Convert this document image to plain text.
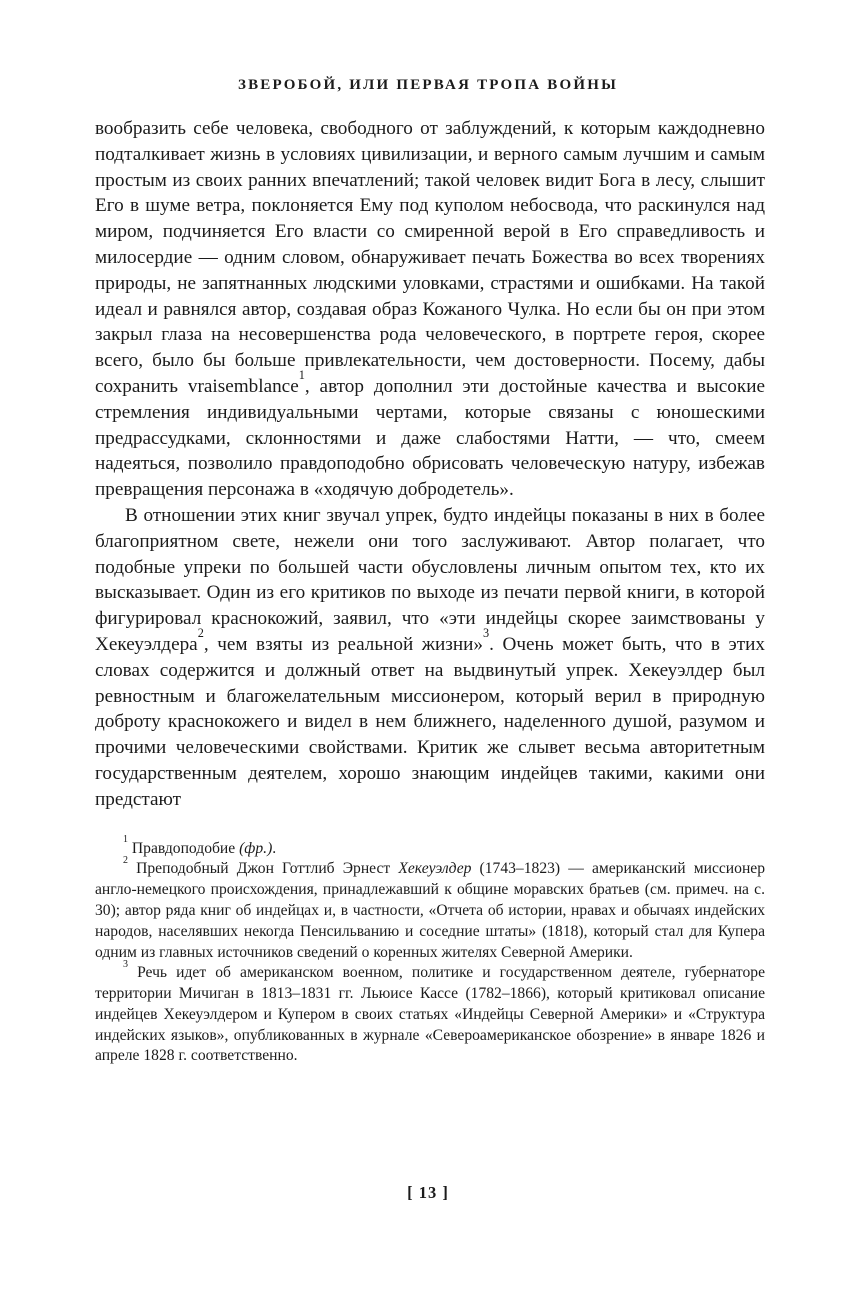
ЗВЕРОБОЙ, ИЛИ ПЕРВАЯ ТРОПА ВОЙНЫ

вообразить себе человека, свободного от заблуждений, к которым каждодневно подталкивает жизнь в условиях цивилизации, и верного самым лучшим и самым простым из своих ранних впечатлений; такой человек видит Бога в лесу, слышит Его в шуме ветра, поклоняется Ему под куполом небосвода, что раскинулся над миром, подчиняется Его власти со смиренной верой в Его справедливость и милосердие — одним словом, обнаруживает печать Божества во всех творениях природы, не запятнанных людскими уловками, страстями и ошибками. На такой идеал и равнялся автор, создавая образ Кожаного Чулка. Но если бы он при этом закрыл глаза на несовершенства рода человеческого, в портрете героя, скорее всего, было бы больше привлекательности, чем достоверности. Посему, дабы сохранить vraisemblance$^1$, автор дополнил эти достойные качества и высокие стремления индивидуальными чертами, которые связаны с юношескими предрассудками, склонностями и даже слабостями Натти, — что, смеем надеяться, позволило правдоподобно обрисовать человеческую натуру, избежав превращения персонажа в «ходячую добродетель».

В отношении этих книг звучал упрек, будто индейцы показаны в них в более благоприятном свете, нежели они того заслуживают. Автор полагает, что подобные упреки по большей части обусловлены личным опытом тех, кто их высказывает. Один из его критиков по выходе из печати первой книги, в которой фигурировал краснокожий, заявил, что «эти индейцы скорее заимствованы у Хекеуэлдера$^2$, чем взяты из реальной жизни»$^3$. Очень может быть, что в этих словах содержится и должный ответ на выдвинутый упрек. Хекеуэлдер был ревностным и благожелательным миссионером, который верил в природную доброту краснокожего и видел в нем ближнего, наделенного душой, разумом и прочими человеческими свойствами. Критик же слывет весьма авторитетным государственным деятелем, хорошо знающим индейцев такими, какими они предстают

$^1$ Правдоподобие (фр.).

$^2$ Преподобный Джон Готтлиб Эрнест Хекеуэлдер (1743–1823) — американский миссионер англо-немецкого происхождения, принадлежавший к общине моравских братьев (см. примеч. на с. 30); автор ряда книг об индейцах и, в частности, «Отчета об истории, нравах и обычаях индейских народов, населявших некогда Пенсильванию и соседние штаты» (1818), который стал для Купера одним из главных источников сведений о коренных жителях Северной Америки.

$^3$ Речь идет об американском военном, политике и государственном деятеле, губернаторе территории Мичиган в 1813–1831 гг. Льюисе Кассе (1782–1866), который критиковал описание индейцев Хекеуэлдером и Купером в своих статьях «Индейцы Северной Америки» и «Структура индейских языков», опубликованных в журнале «Североамериканское обозрение» в январе 1826 и апреле 1828 г. соответственно.

[ 13 ]
